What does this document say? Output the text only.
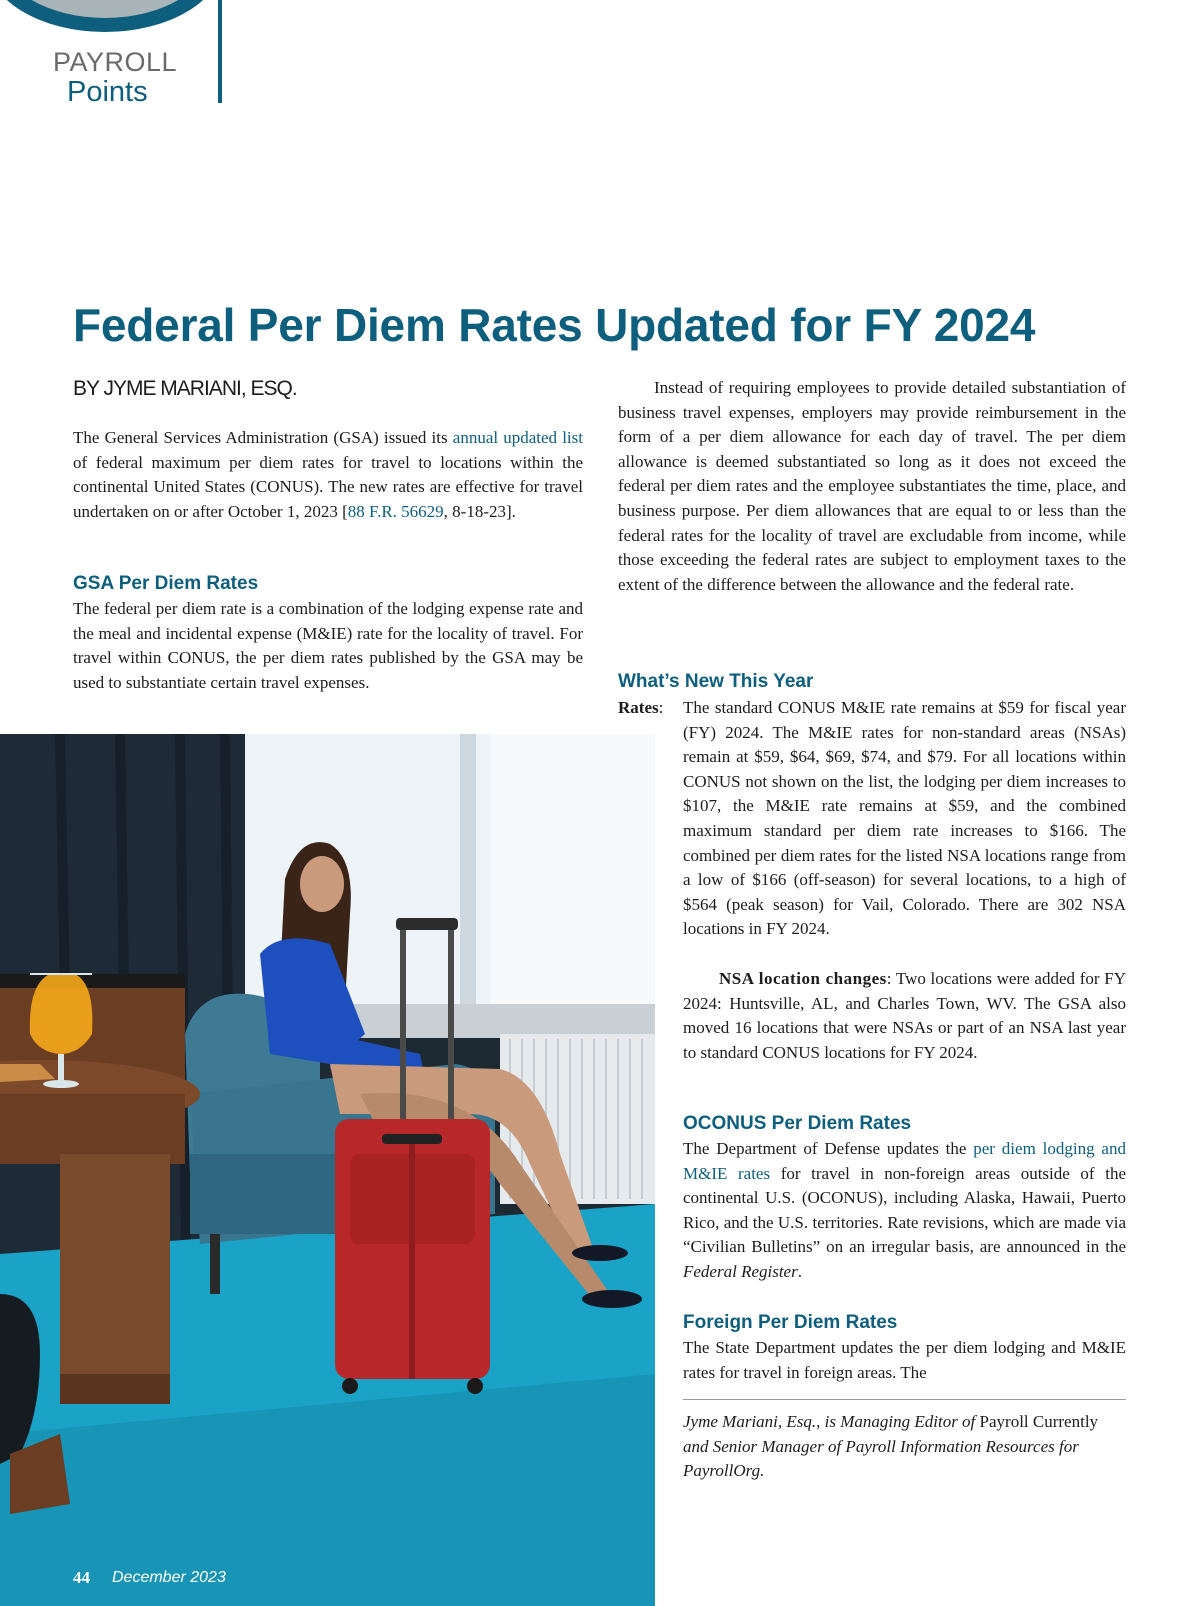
PAYROLL
Points
Federal Per Diem Rates Updated for FY 2024
BY JYME MARIANI, ESQ.

The General Services Administration (GSA) issued its annual updated list of federal maximum per diem rates for travel to locations within the continental United States (CONUS). The new rates are effective for travel undertaken on or after October 1, 2023 [88 F.R. 56629, 8-18-23].

GSA Per Diem Rates

The federal per diem rate is a combination of the lodging expense rate and the meal and incidental expense (M&IE) rate for the locality of travel. For travel within CONUS, the per diem rates published by the GSA may be used to substantiate certain travel expenses.

Instead of requiring employees to provide detailed substantiation of business travel expenses, employers may provide reimbursement in the form of a per diem allowance for each day of travel. The per diem allowance is deemed substantiated so long as it does not exceed the federal per diem rates and the employee substantiates the time, place, and business purpose. Per diem allowances that are equal to or less than the federal rates for the locality of travel are excludable from income, while those exceeding the federal rates are subject to employment taxes to the extent of the difference between the allowance and the federal rate.

What’s New This Year
Rates: The standard CONUS M&IE rate remains at $59 for fiscal year (FY) 2024. The M&IE rates for non-standard areas (NSAs) remain at $59, $64, $69, $74, and $79. For all locations within CONUS not shown on the list, the lodging per diem increases to $107, the M&IE rate remains at $59, and the combined maximum standard per diem rate increases to $166. The combined per diem rates for the listed NSA locations range from a low of $166 (off-season) for several locations, to a high of $564 (peak season) for Vail, Colorado. There are 302 NSA locations in FY 2024.

NSA location changes: Two locations were added for FY 2024: Huntsville, AL, and Charles Town, WV. The GSA also moved 16 locations that were NSAs or part of an NSA last year to standard CONUS locations for FY 2024.

OCONUS Per Diem Rates

The Department of Defense updates the per diem lodging and M&IE rates for travel in non-foreign areas outside of the continental U.S. (OCONUS), including Alaska, Hawaii, Puerto Rico, and the U.S. territories. Rate revisions, which are made via “Civilian Bulletins” on an irregular basis, are announced in the Federal Register.

Foreign Per Diem Rates

The State Department updates the per diem lodging and M&IE rates for travel in foreign areas. The

Jyme Mariani, Esq., is Managing Editor of Payroll Currently and Senior Manager of Payroll Information Resources for PayrollOrg.

44 December 2023
